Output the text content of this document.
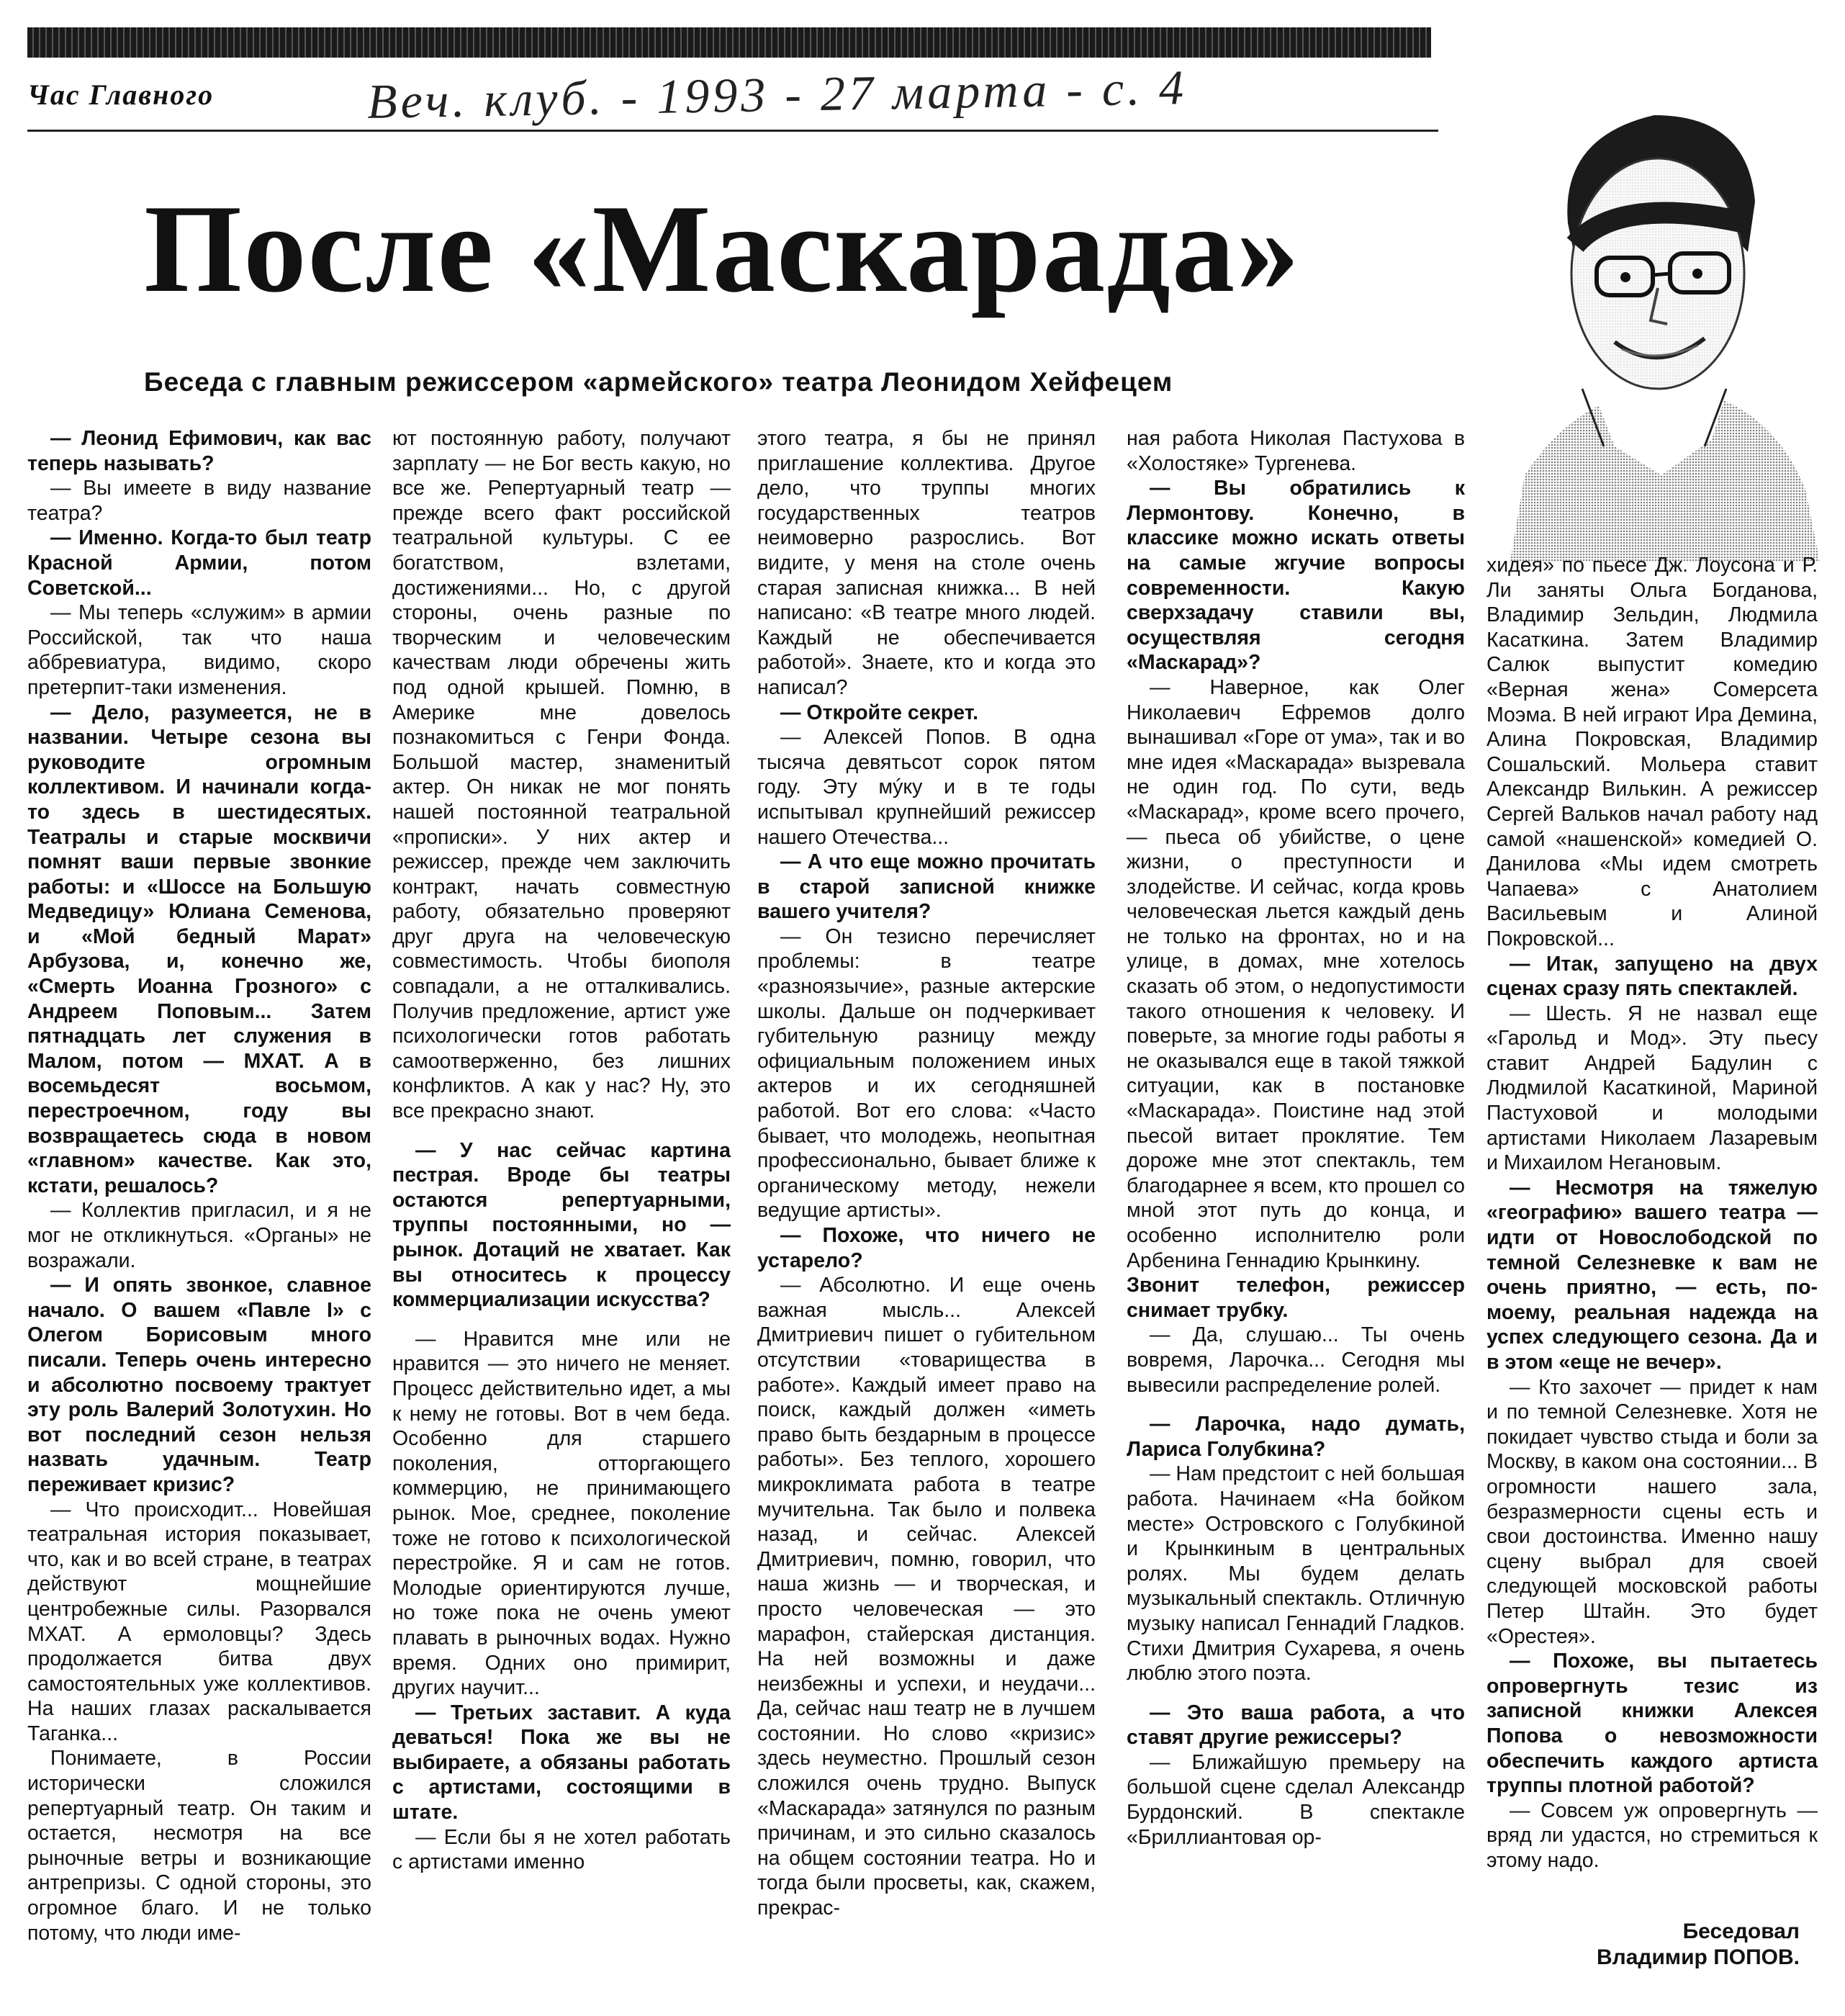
Час Главного	Веч. клуб. - 1993 - 27 марта - с. 4
После «Маскарада»
Беседа с главным режиссером «армейского» театра Леонидом Хейфецем

— Леонид Ефимович, как вас теперь называть?

— Вы имеете в виду название театра?

— Именно. Когда-то был театр Красной Армии, потом Советской...

— Мы теперь «служим» в армии Российской, так что наша аббревиатура, видимо, скоро претерпит-таки изменения.

— Дело, разумеется, не в названии. Четыре сезона вы руководите огромным коллективом. И начинали когда-то здесь в шестидесятых. Театралы и старые москвичи помнят ваши первые звонкие работы: и «Шоссе на Большую Медведицу» Юлиана Семенова, и «Мой бедный Марат» Арбузова, и, конечно же, «Смерть Иоанна Грозного» с Андреем Поповым... Затем пятнадцать лет служения в Малом, потом — МХАТ. А в восемьдесят восьмом, перестроечном, году вы возвращаетесь сюда в новом «главном» качестве. Как это, кстати, решалось?

— Коллектив пригласил, и я не мог не откликнуться. «Органы» не возражали.

— И опять звонкое, славное начало. О вашем «Павле I» с Олегом Борисовым много писали. Теперь очень интересно и абсолютно посвоему трактует эту роль Валерий Золотухин. Но вот последний сезон нельзя назвать удачным. Театр переживает кризис?

— Что происходит... Новейшая театральная история показывает, что, как и во всей стране, в театрах действуют мощнейшие центробежные силы. Разорвался МХАТ. А ермоловцы? Здесь продолжается битва двух самостоятельных уже коллективов. На наших глазах раскалывается Таганка...

Понимаете, в России исторически сложился репертуарный театр. Он таким и остается, несмотря на все рыночные ветры и возникающие антрепризы. С одной стороны, это огромное благо. И не только потому, что люди име-

ют постоянную работу, получают зарплату — не Бог весть какую, но все же. Репертуарный театр — прежде всего факт российской театральной культуры. С ее богатством, взлетами, достижениями... Но, с другой стороны, очень разные по творческим и человеческим качествам люди обречены жить под одной крышей. Помню, в Америке мне довелось познакомиться с Генри Фонда. Большой мастер, знаменитый актер. Он никак не мог понять нашей постоянной театральной «прописки». У них актер и режиссер, прежде чем заключить контракт, начать совместную работу, обязательно проверяют друг друга на человеческую совместимость. Чтобы биополя совпадали, а не отталкивались. Получив предложение, артист уже психологически готов работать самоотверженно, без лишних конфликтов. А как у нас? Ну, это все прекрасно знают.

— У нас сейчас картина пестрая. Вроде бы театры остаются репертуарными, труппы постоянными, но — рынок. Дотаций не хватает. Как вы относитесь к процессу коммерциализации искусства?

— Нравится мне или не нравится — это ничего не меняет. Процесс действительно идет, а мы к нему не готовы. Вот в чем беда. Особенно для старшего поколения, отторгающего коммерцию, не принимающего рынок. Мое, среднее, поколение тоже не готово к психологической перестройке. Я и сам не готов. Молодые ориентируются лучше, но тоже пока не очень умеют плавать в рыночных водах. Нужно время. Одних оно примирит, других научит...

— Третьих заставит. А куда деваться! Пока же вы не выбираете, а обязаны работать с артистами, состоящими в штате.

— Если бы я не хотел работать с артистами именно

этого театра, я бы не принял приглашение коллектива. Другое дело, что труппы многих государственных театров неимоверно разрослись. Вот видите, у меня на столе очень старая записная книжка... В ней написано: «В театре много людей. Каждый не обеспечивается работой». Знаете, кто и когда это написал?

— Откройте секрет.

— Алексей Попов. В одна тысяча девятьсот сорок пятом году. Эту мýку и в те годы испытывал крупнейший режиссер нашего Отечества...

— А что еще можно прочитать в старой записной книжке вашего учителя?

— Он тезисно перечисляет проблемы: в театре «разноязычие», разные актерские школы. Дальше он подчеркивает губительную разницу между официальным положением иных актеров и их сегодняшней работой. Вот его слова: «Часто бывает, что молодежь, неопытная профессионально, бывает ближе к органическому методу, нежели ведущие артисты».

— Похоже, что ничего не устарело?

— Абсолютно. И еще очень важная мысль... Алексей Дмитриевич пишет о губительном отсутствии «товарищества в работе». Каждый имеет право на поиск, каждый должен «иметь право быть бездарным в процессе работы». Без теплого, хорошего микроклимата работа в театре мучительна. Так было и полвека назад, и сейчас. Алексей Дмитриевич, помню, говорил, что наша жизнь — и творческая, и просто человеческая — это марафон, стайерская дистанция. На ней возможны и даже неизбежны и успехи, и неудачи... Да, сейчас наш театр не в лучшем состоянии. Но слово «кризис» здесь неуместно. Прошлый сезон сложился очень трудно. Выпуск «Маскарада» затянулся по разным причинам, и это сильно сказалось на общем состоянии театра. Но и тогда были просветы, как, скажем, прекрас-

ная работа Николая Пастухова в «Холостяке» Тургенева.

— Вы обратились к Лермонтову. Конечно, в классике можно искать ответы на самые жгучие вопросы современности. Какую сверхзадачу ставили вы, осуществляя сегодня «Маскарад»?

— Наверное, как Олег Николаевич Ефремов долго вынашивал «Горе от ума», так и во мне идея «Маскарада» вызревала не один год. По сути, ведь «Маскарад», кроме всего прочего, — пьеса об убийстве, о цене жизни, о преступности и злодействе. И сейчас, когда кровь человеческая льется каждый день не только на фронтах, но и на улице, в домах, мне хотелось сказать об этом, о недопустимости такого отношения к человеку. И поверьте, за многие годы работы я не оказывался еще в такой тяжкой ситуации, как в постановке «Маскарада». Поистине над этой пьесой витает проклятие. Тем дороже мне этот спектакль, тем благодарнее я всем, кто прошел со мной этот путь до конца, и особенно исполнителю роли Арбенина Геннадию Крынкину.

Звонит телефон, режиссер снимает трубку.

— Да, слушаю... Ты очень вовремя, Ларочка... Сегодня мы вывесили распределение ролей.

— Ларочка, надо думать, Лариса Голубкина?

— Нам предстоит с ней большая работа. Начинаем «На бойком месте» Островского с Голубкиной и Крынкиным в центральных ролях. Мы будем делать музыкальный спектакль. Отличную музыку написал Геннадий Гладков. Стихи Дмитрия Сухарева, я очень люблю этого поэта.

— Это ваша работа, а что ставят другие режиссеры?

— Ближайшую премьеру на большой сцене сделал Александр Бурдонский. В спектакле «Бриллиантовая ор-

хидея» по пьесе Дж. Лоусона и Р. Ли заняты Ольга Богданова, Владимир Зельдин, Людмила Касаткина. Затем Владимир Салюк выпустит комедию «Верная жена» Сомерсета Моэма. В ней играют Ира Демина, Алина Покровская, Владимир Сошальский. Мольера ставит Александр Вилькин. А режиссер Сергей Вальков начал работу над самой «нашенской» комедией О. Данилова «Мы идем смотреть Чапаева» с Анатолием Васильевым и Алиной Покровской...

— Итак, запущено на двух сценах сразу пять спектаклей.

— Шесть. Я не назвал еще «Гарольд и Мод». Эту пьесу ставит Андрей Бадулин с Людмилой Касаткиной, Мариной Пастуховой и молодыми артистами Николаем Лазаревым и Михаилом Негановым.

— Несмотря на тяжелую «географию» вашего театра — идти от Новослободской по темной Селезневке к вам не очень приятно, — есть, по-моему, реальная надежда на успех следующего сезона. Да и в этом «еще не вечер».

— Кто захочет — придет к нам и по темной Селезневке. Хотя не покидает чувство стыда и боли за Москву, в каком она состоянии... В огромности нашего зала, безразмерности сцены есть и свои достоинства. Именно нашу сцену выбрал для своей следующей московской работы Петер Штайн. Это будет «Орестея».

— Похоже, вы пытаетесь опровергнуть тезис из записной книжки Алексея Попова о невозможности обеспечить каждого артиста труппы плотной работой?

— Совсем уж опровергнуть — вряд ли удастся, но стремиться к этому надо.

Беседовал
Владимир ПОПОВ.
